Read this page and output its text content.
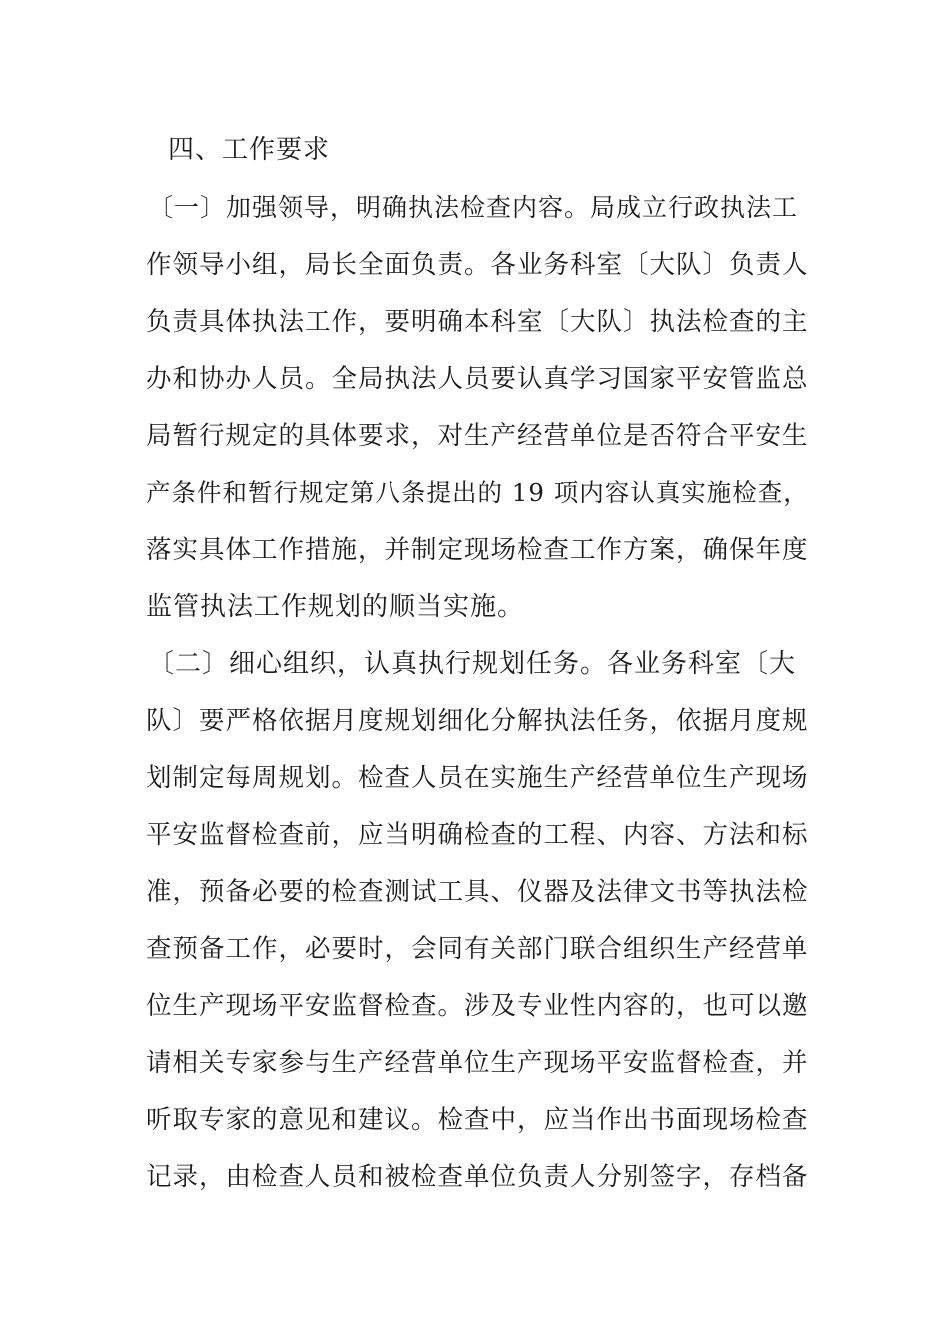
四、工作要求
〔一〕加强领导，明确执法检查内容。局成立行政执法工
作领导小组，局长全面负责。各业务科室〔大队〕负责人
负责具体执法工作，要明确本科室〔大队〕执法检查的主
办和协办人员。全局执法人员要认真学习国家平安管监总
局暂行规定的具体要求，对生产经营单位是否符合平安生
产条件和暂行规定第八条提出的 19 项内容认真实施检查，
落实具体工作措施，并制定现场检查工作方案，确保年度
监管执法工作规划的顺当实施。
〔二〕细心组织，认真执行规划任务。各业务科室〔大
队〕要严格依据月度规划细化分解执法任务，依据月度规
划制定每周规划。检查人员在实施生产经营单位生产现场
平安监督检查前，应当明确检查的工程、内容、方法和标
准，预备必要的检查测试工具、仪器及法律文书等执法检
查预备工作，必要时，会同有关部门联合组织生产经营单
位生产现场平安监督检查。涉及专业性内容的，也可以邀
请相关专家参与生产经营单位生产现场平安监督检查，并
听取专家的意见和建议。检查中，应当作出书面现场检查
记录，由检查人员和被检查单位负责人分别签字，存档备
